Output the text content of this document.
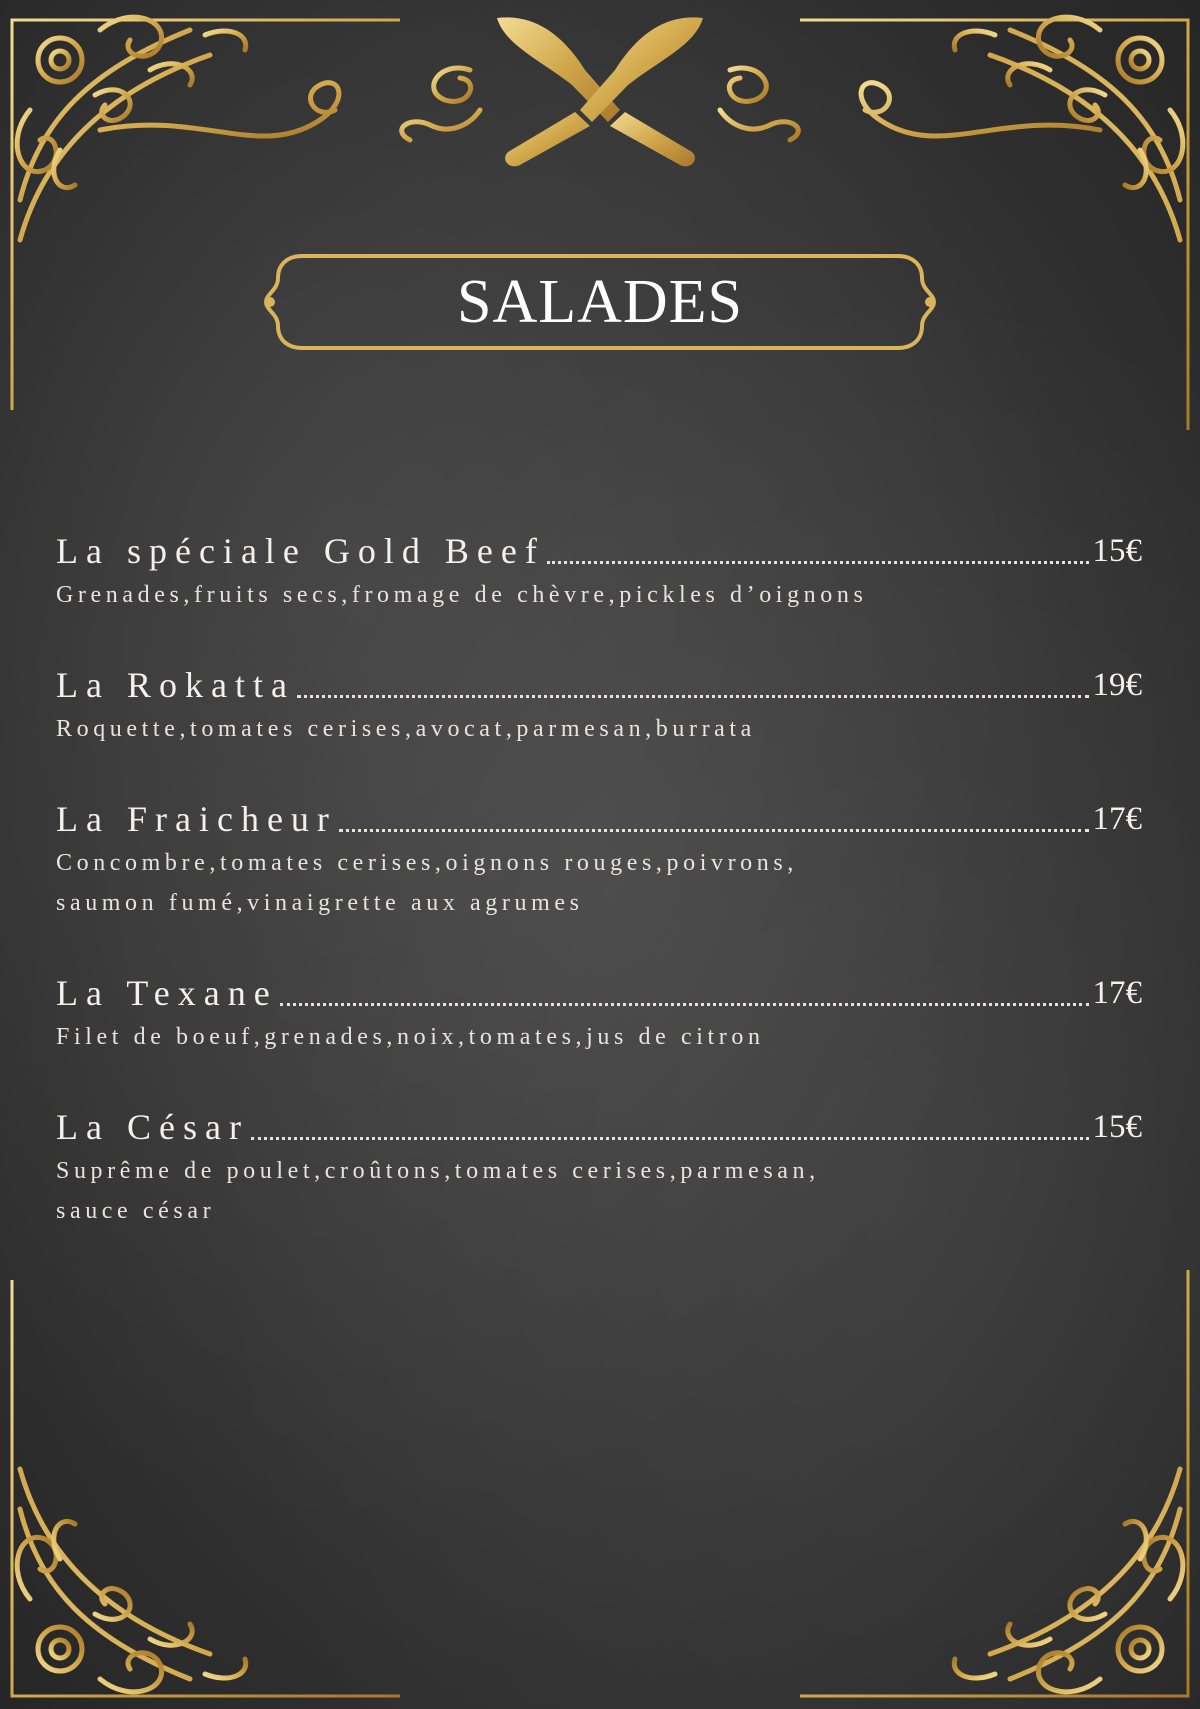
SALADES
La spéciale Gold Beef	15€
Grenades,fruits secs,fromage de chèvre,pickles d’oignons
La Rokatta	19€
Roquette,tomates cerises,avocat,parmesan,burrata
La Fraicheur	17€
Concombre,tomates cerises,oignons rouges,poivrons,
saumon fumé,vinaigrette aux agrumes
La Texane	17€
Filet de boeuf,grenades,noix,tomates,jus de citron
La César	15€
Suprême de poulet,croûtons,tomates cerises,parmesan,
sauce césar
